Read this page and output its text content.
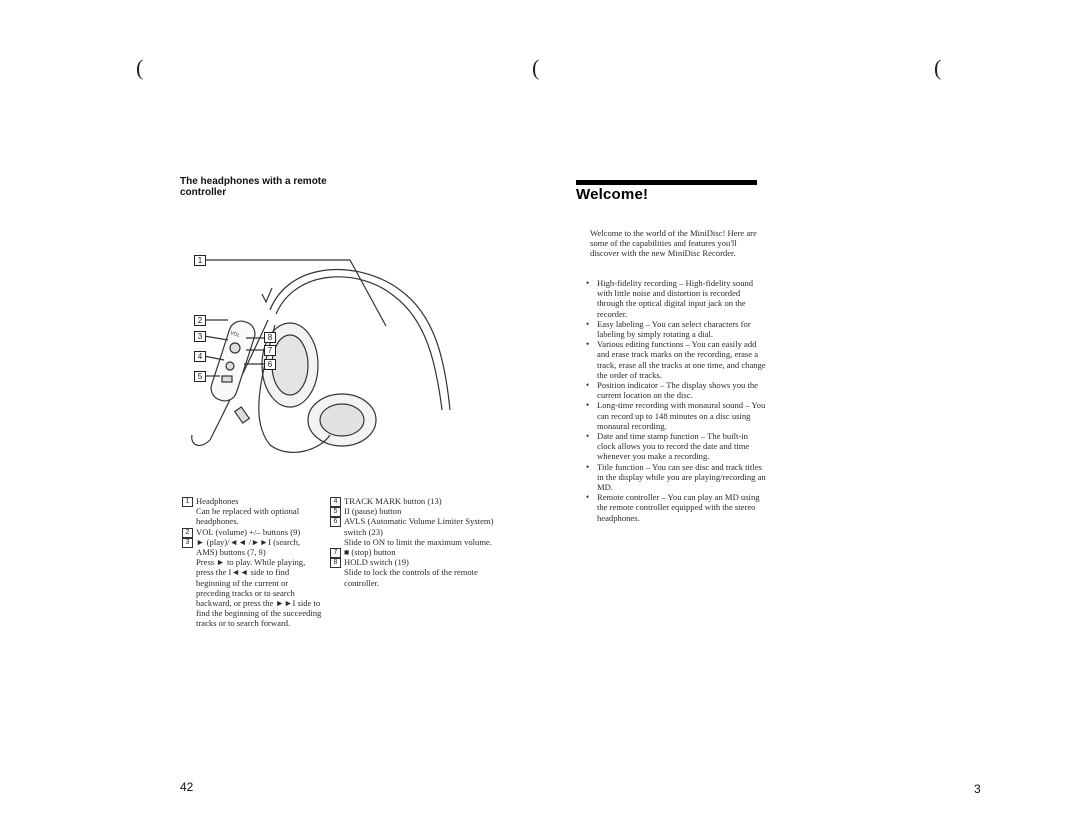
(	(	(
The headphones with a remote controller
VOL
1
2
3
4
5
6
7
8
1 Headphones
Can be replaced with optional headphones.
2 VOL (volume) +/– buttons (9)
3 ► (play)/◄◄ /►►I (search, AMS) buttons (7, 9)
Press ► to play. While playing, press the I◄◄ side to find beginning of the current or preceding tracks or to search backward, or press the ►►I side to find the beginning of the succeeding tracks or to search forward.
4 TRACK MARK button (13)
5 II (pause) button
6 AVLS (Automatic Volume Limiter System) switch (23)
Slide to ON to limit the maximum volume.
7 ■ (stop) button
8 HOLD switch (19)
Slide to lock the controls of the remote controller.
42
Welcome!
Welcome to the world of the MiniDisc! Here are some of the capabilities and features you'll discover with the new MiniDisc Recorder.
• High-fidelity recording – High-fidelity sound with little noise and distortion is recorded through the optical digital input jack on the recorder.
• Easy labeling – You can select characters for labeling by simply rotating a dial.
• Various editing functions – You can easily add and erase track marks on the recording, erase a track, erase all the tracks at one time, and change the order of tracks.
• Position indicator – The display shows you the current location on the disc.
• Long-time recording with monaural sound – You can record up to 148 minutes on a disc using monaural recording.
• Date and time stamp function – The built-in clock allows you to record the date and time whenever you make a recording.
• Title function – You can see disc and track titles in the display while you are playing/recording an MD.
• Remote controller – You can play an MD using the remote controller equipped with the stereo headphones.
3
